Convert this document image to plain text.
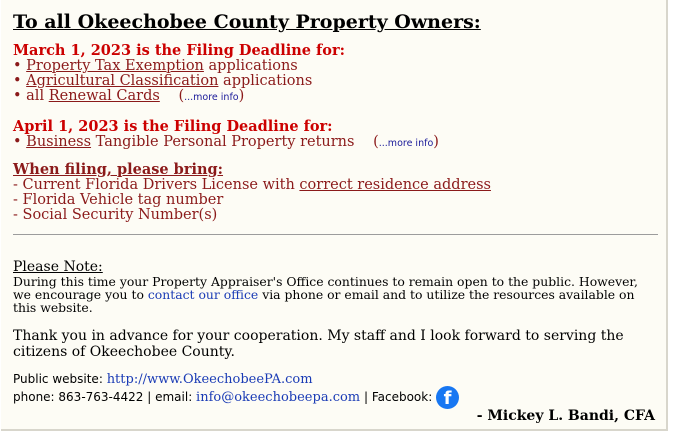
To all Okeechobee County Property Owners:

March 1, 2023 is the Filing Deadline for:
• Property Tax Exemption applications
• Agricultural Classification applications
• all Renewal Cards (...more info)
April 1, 2023 is the Filing Deadline for:
• Business Tangible Personal Property returns (...more info)
When filing, please bring:
- Current Florida Drivers License with correct residence address
- Florida Vehicle tag number
- Social Security Number(s)
Please Note:
During this time your Property Appraiser's Office continues to remain open to the public. However, we encourage you to contact our office via phone or email and to utilize the resources available on this website.
Thank you in advance for your cooperation. My staff and I look forward to serving the citizens of Okeechobee County.
Public website: http://www.OkeechobeePA.com
phone: 863-763-4422 | email: info@okeechobeepa.com | Facebook: f
- Mickey L. Bandi, CFA
